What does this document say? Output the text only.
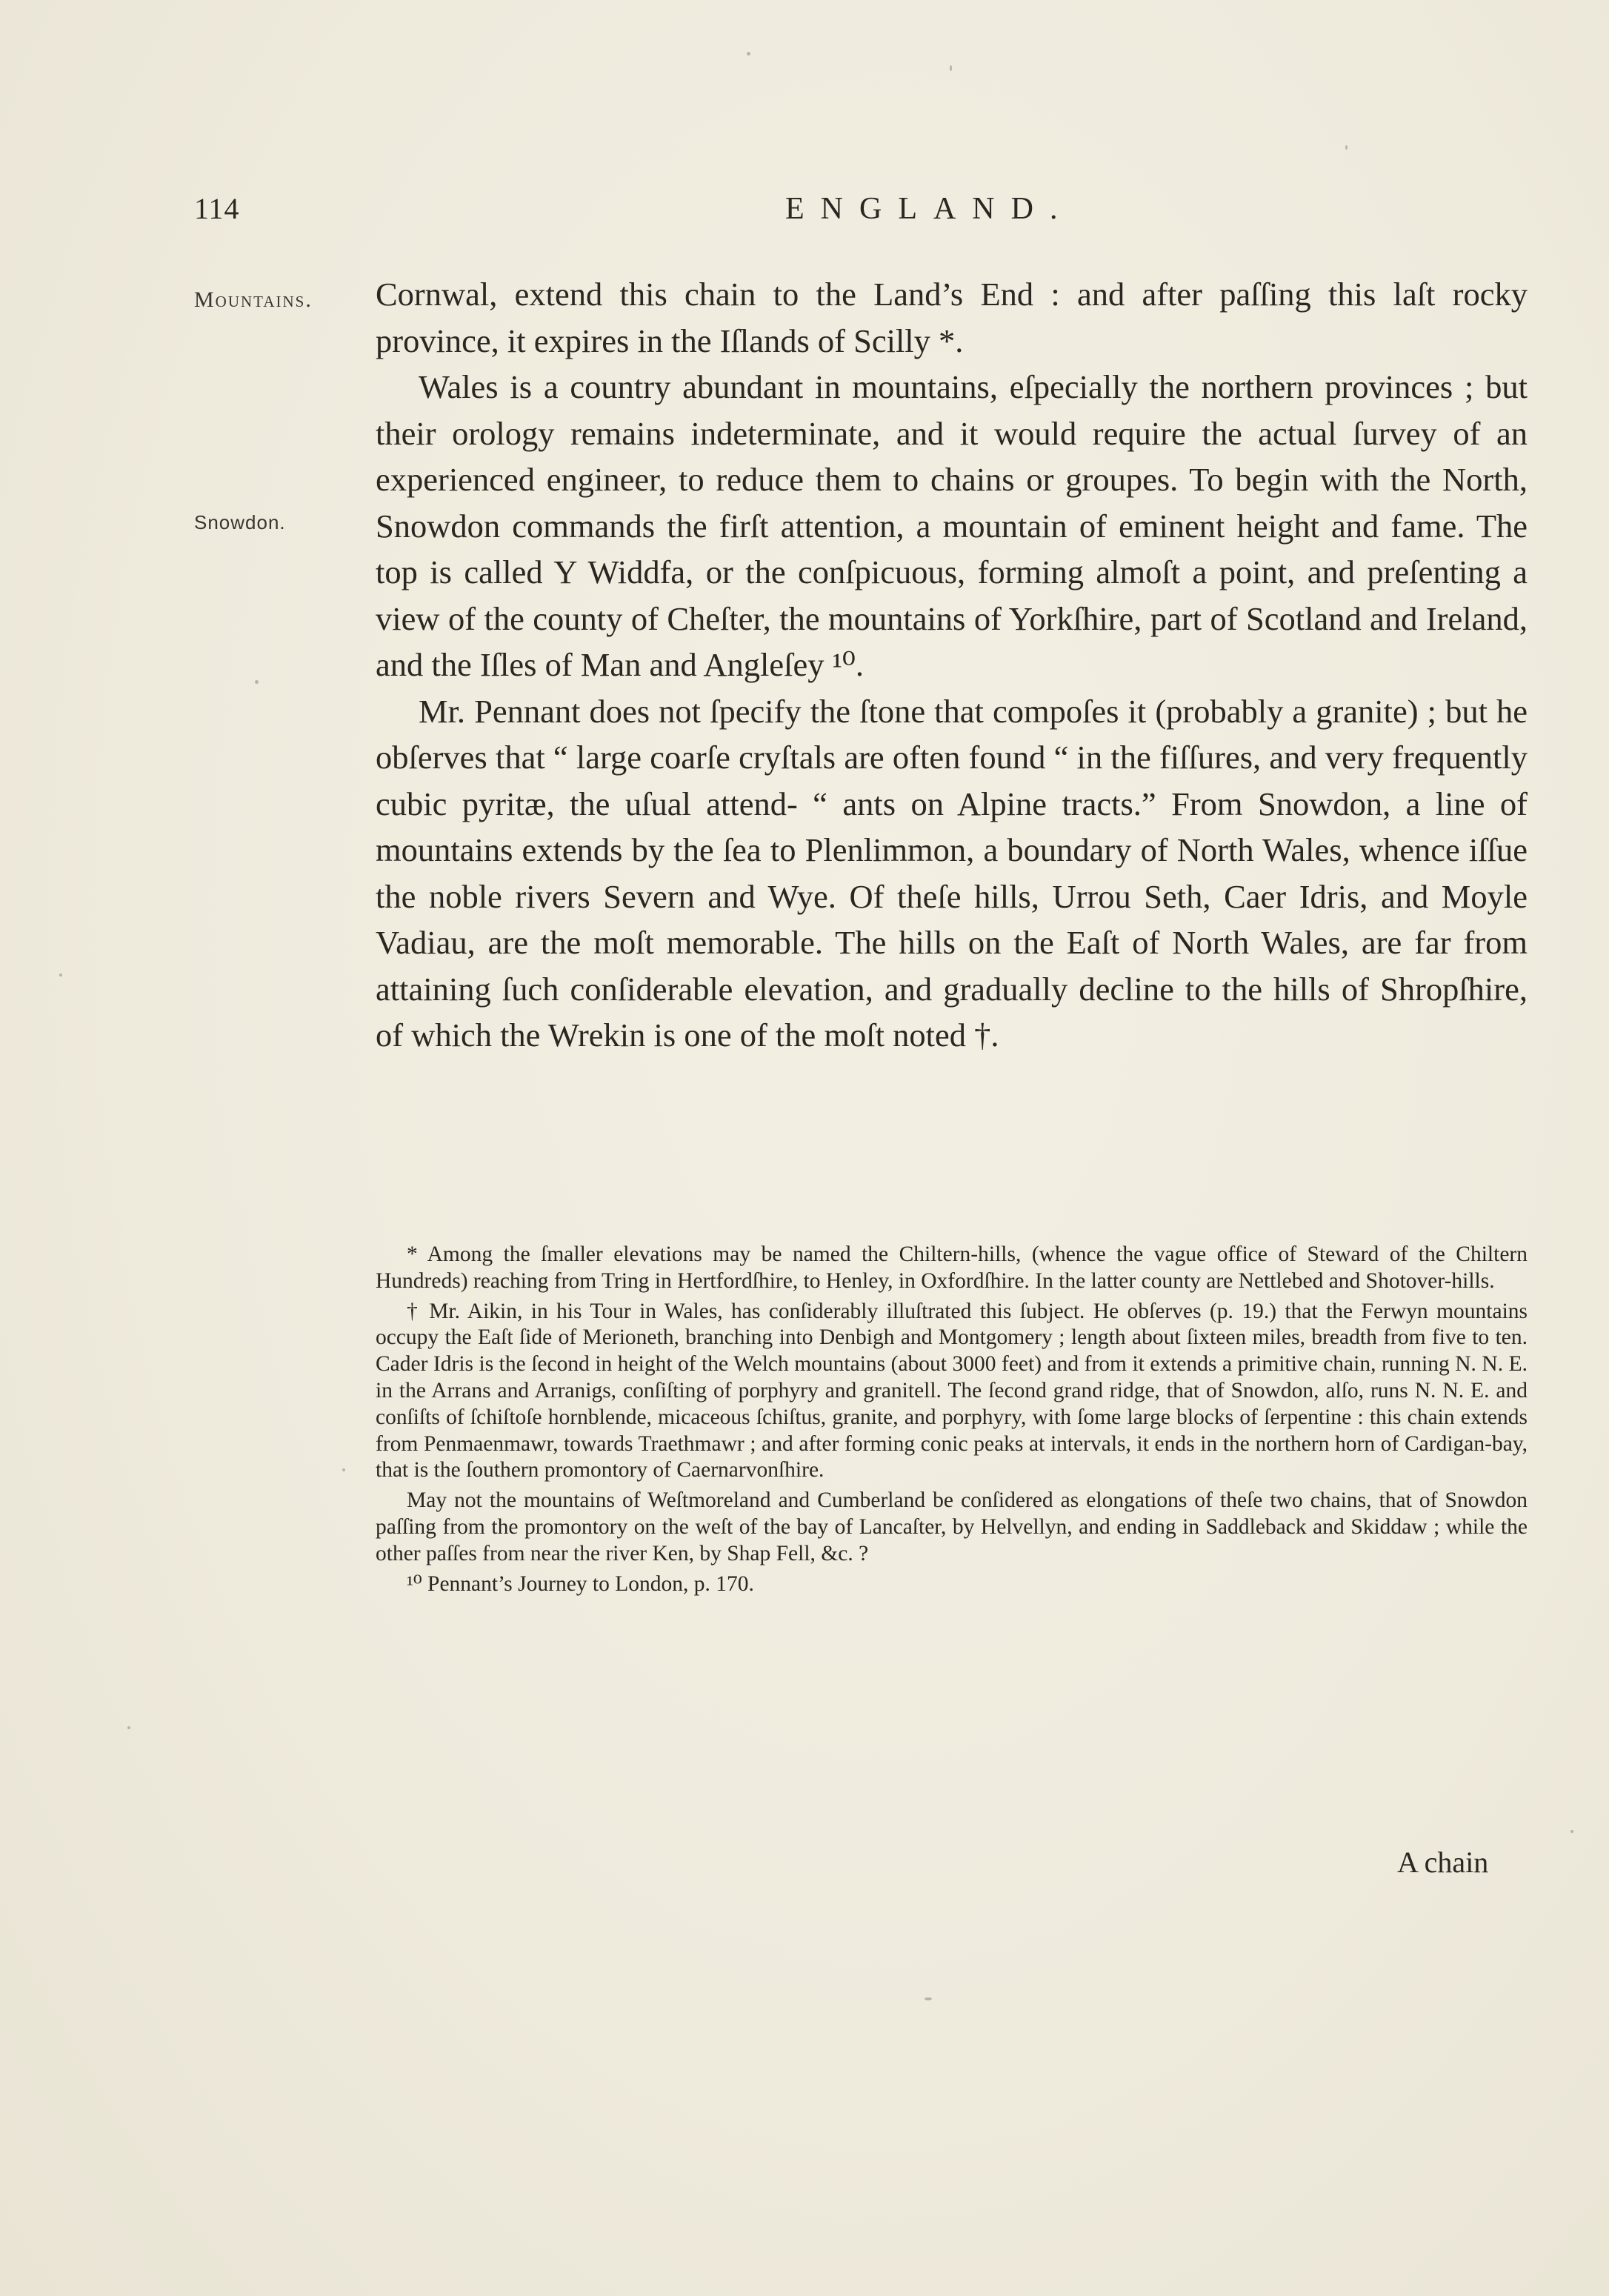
114	ENGLAND.
Mountains.
Snowdon.

Cornwal, extend this chain to the Land’s End : and after paſſing this laſt rocky province, it expires in the Iſlands of Scilly *.

Wales is a country abundant in mountains, eſpecially the northern provinces ; but their orology remains indeterminate, and it would require the actual ſurvey of an experienced engineer, to reduce them to chains or groupes. To begin with the North, Snowdon commands the firſt attention, a mountain of eminent height and fame. The top is called Y Widdfa, or the conſpicuous, forming almoſt a point, and preſenting a view of the county of Cheſter, the mountains of Yorkſhire, part of Scotland and Ireland, and the Iſles of Man and Angleſey ¹⁰.

Mr. Pennant does not ſpecify the ſtone that compoſes it (probably a granite) ; but he obſerves that “ large coarſe cryſtals are often found “ in the fiſſures, and very frequently cubic pyritæ, the uſual attend- “ ants on Alpine tracts.” From Snowdon, a line of mountains extends by the ſea to Plenlimmon, a boundary of North Wales, whence iſſue the noble rivers Severn and Wye. Of theſe hills, Urrou Seth, Caer Idris, and Moyle Vadiau, are the moſt memorable. The hills on the Eaſt of North Wales, are far from attaining ſuch conſiderable elevation, and gradually decline to the hills of Shropſhire, of which the Wrekin is one of the moſt noted †.

* Among the ſmaller elevations may be named the Chiltern-hills, (whence the vague office of Steward of the Chiltern Hundreds) reaching from Tring in Hertfordſhire, to Henley, in Oxfordſhire. In the latter county are Nettlebed and Shotover-hills.

† Mr. Aikin, in his Tour in Wales, has conſiderably illuſtrated this ſubject. He obſerves (p. 19.) that the Ferwyn mountains occupy the Eaſt ſide of Merioneth, branching into Denbigh and Montgomery ; length about ſixteen miles, breadth from five to ten. Cader Idris is the ſecond in height of the Welch mountains (about 3000 feet) and from it extends a primitive chain, running N. N. E. in the Arrans and Arranigs, conſiſting of porphyry and granitell. The ſecond grand ridge, that of Snowdon, alſo, runs N. N. E. and conſiſts of ſchiſtoſe hornblende, micaceous ſchiſtus, granite, and porphyry, with ſome large blocks of ſerpentine : this chain extends from Penmaenmawr, towards Traethmawr ; and after forming conic peaks at intervals, it ends in the northern horn of Cardigan-bay, that is the ſouthern promontory of Caernarvonſhire.

May not the mountains of Weſtmoreland and Cumberland be conſidered as elongations of theſe two chains, that of Snowdon paſſing from the promontory on the weſt of the bay of Lancaſter, by Helvellyn, and ending in Saddleback and Skiddaw ; while the other paſſes from near the river Ken, by Shap Fell, &c. ?

¹⁰ Pennant’s Journey to London, p. 170.

A chain
